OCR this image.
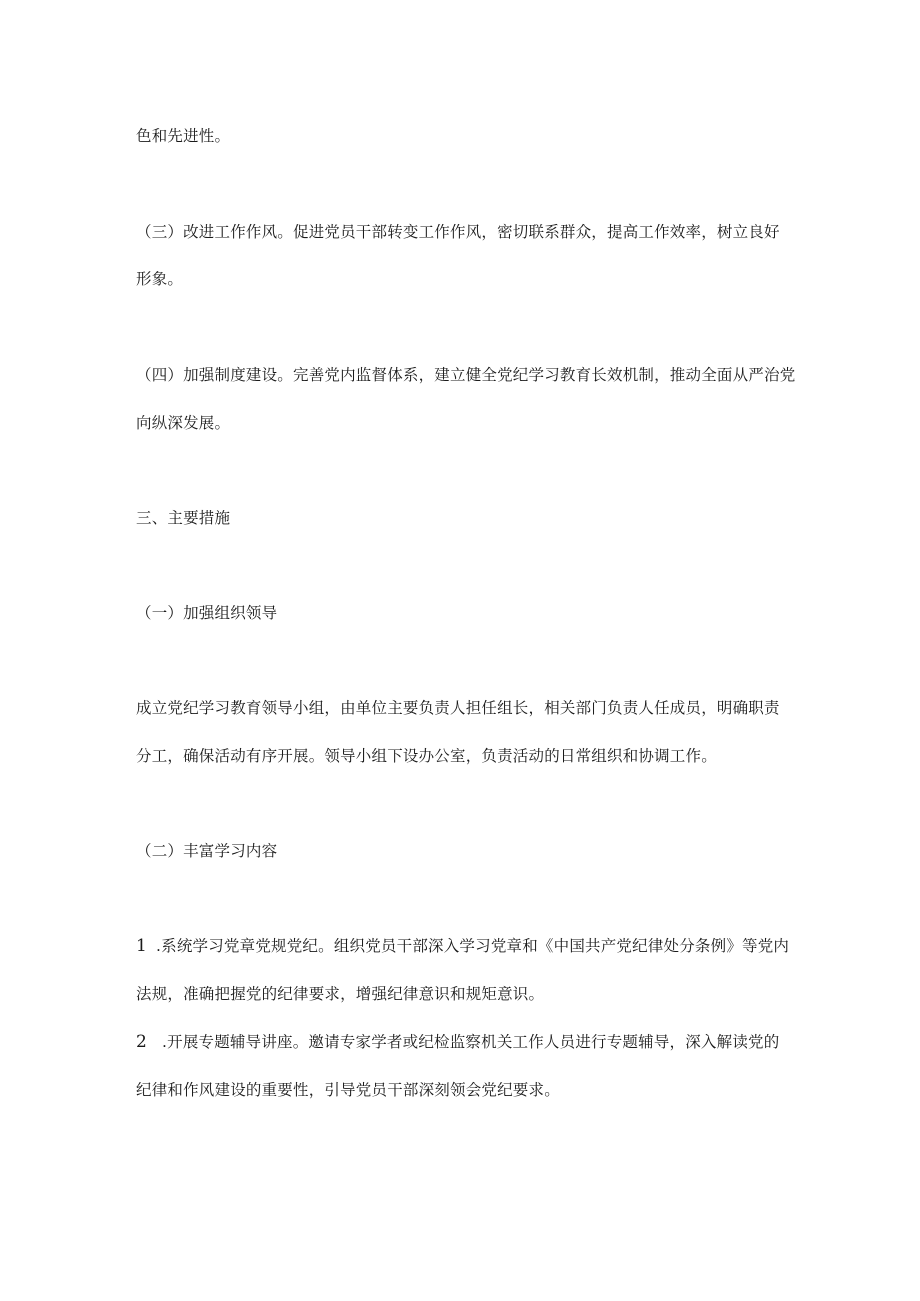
色和先进性。

（三）改进工作作风。促进党员干部转变工作作风，密切联系群众，提高工作效率，树立良好

形象。

（四）加强制度建设。完善党内监督体系，建立健全党纪学习教育长效机制，推动全面从严治党

向纵深发展。

三、主要措施

（一）加强组织领导

成立党纪学习教育领导小组，由单位主要负责人担任组长，相关部门负责人任成员，明确职责

分工，确保活动有序开展。领导小组下设办公室，负责活动的日常组织和协调工作。

（二）丰富学习内容

1 .系统学习党章党规党纪。组织党员干部深入学习党章和《中国共产党纪律处分条例》等党内

法规，准确把握党的纪律要求，增强纪律意识和规矩意识。

2 .开展专题辅导讲座。邀请专家学者或纪检监察机关工作人员进行专题辅导，深入解读党的

纪律和作风建设的重要性，引导党员干部深刻领会党纪要求。
